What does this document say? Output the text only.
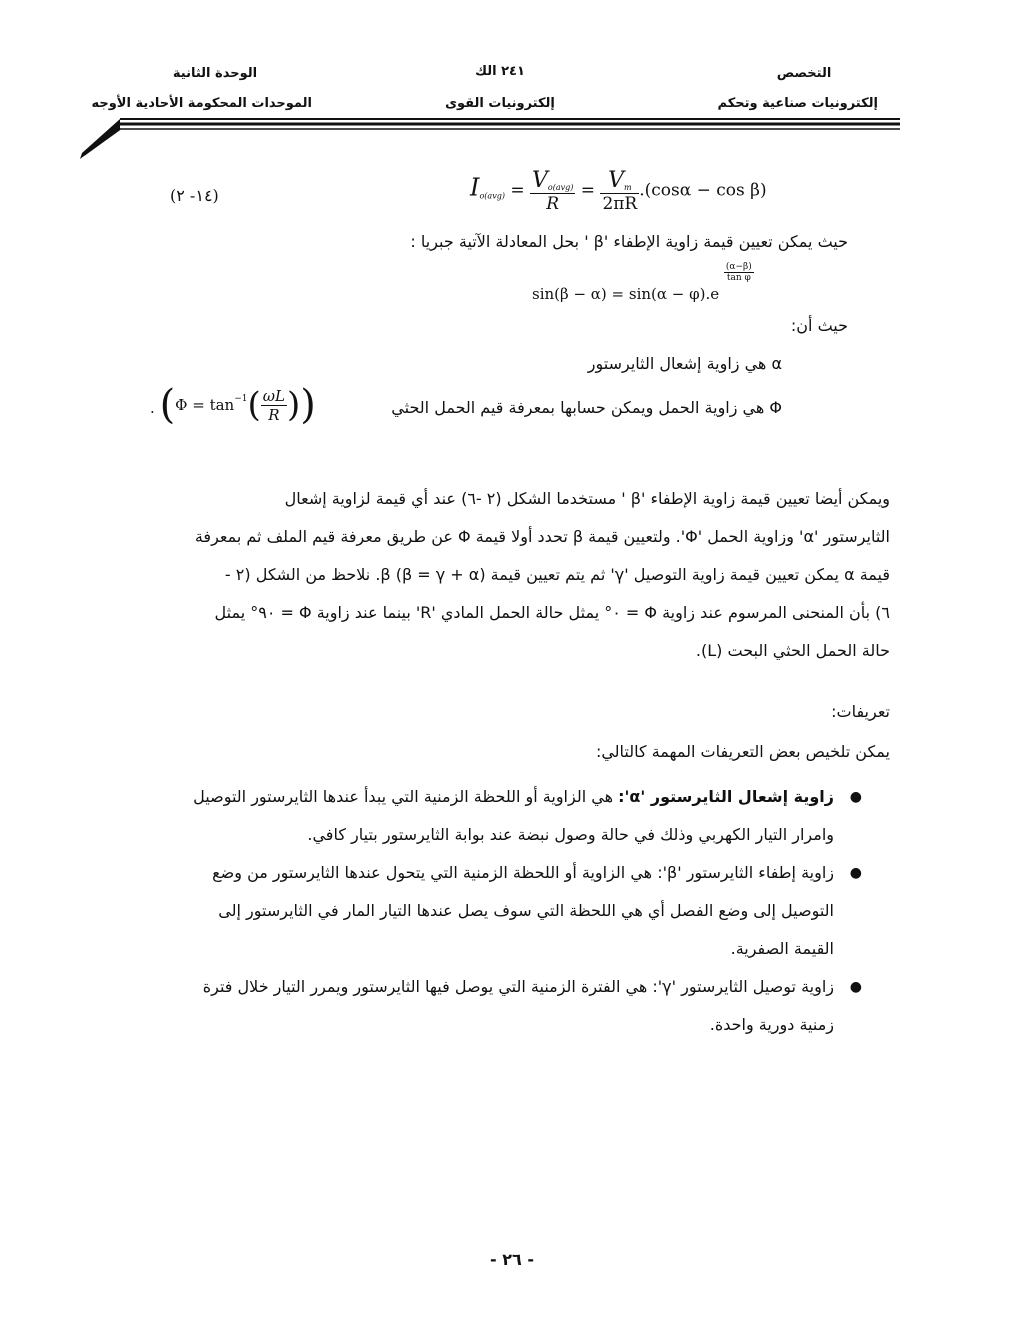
التخصص
إلكترونيات صناعية وتحكم
٢٤١ الك
إلكترونيات القوى
الوحدة الثانية
الموحدات المحكومة الأحادية الأوجه
(١٤- ٢)	$I_{o(avg)} = \frac{V_{o(avg)}}{R} = \frac{V_m}{2\pi R} .(\cos\alpha - \cos \beta)$
حيث يمكن تعيين قيمة زاوية الإطفاء 'β ' بحل المعادلة الآتية جبريا :
sin(β − α) = sin(α − φ).e
$\frac{(\alpha-\beta)}{\text{tan φ}}$
حيث أن:
α هي زاوية إشعال الثايرستور
Φ هي زاوية الحمل ويمكن حسابها بمعرفة قيم الحمل الحثي
. ($\Phi = \tan^{-1}( \frac{\omega L}{R}$ ))
ويمكن أيضا تعيين قيمة زاوية الإطفاء 'β ' مستخدما الشكل (٢ -٦) عند أي قيمة لزاوية إشعال
الثايرستور 'α' وزاوية الحمل 'Φ'. ولتعيين قيمة β تحدد أولا قيمة Φ عن طريق معرفة قيم الملف ثم بمعرفة
قيمة α يمكن تعيين قيمة زاوية التوصيل 'γ' ثم يتم تعيين قيمة β (β = γ + α). نلاحظ من الشكل (٢ -
٦) بأن المنحنى المرسوم عند زاوية Φ = ٠° يمثل حالة الحمل المادي 'R' بينما عند زاوية Φ = ٩٠° يمثل
حالة الحمل الحثي البحت (L).
تعريفات:
يمكن تلخيص بعض التعريفات المهمة كالتالي:
●
زاوية إشعال الثايرستور 'α': هي الزاوية أو اللحظة الزمنية التي يبدأ عندها الثايرستور التوصيل
وامرار التيار الكهربي وذلك في حالة وصول نبضة عند بوابة الثايرستور بتيار كافي.
●
زاوية إطفاء الثايرستور 'β': هي الزاوية أو اللحظة الزمنية التي يتحول عندها الثايرستور من وضع
التوصيل إلى وضع الفصل أي هي اللحظة التي سوف يصل عندها التيار المار في الثايرستور إلى
القيمة الصفرية.
●
زاوية توصيل الثايرستور 'γ': هي الفترة الزمنية التي يوصل فيها الثايرستور ويمرر التيار خلال فترة
زمنية دورية واحدة.
- ٢٦ -
